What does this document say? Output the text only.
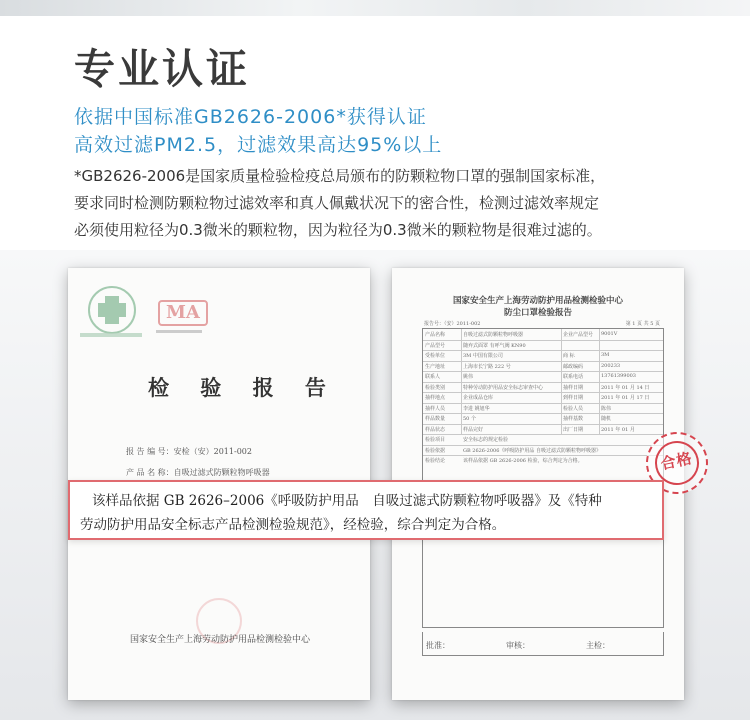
专业认证
依据中国标准GB2626-2006*获得认证
高效过滤PM2.5，过滤效果高达95%以上
*GB2626-2006是国家质量检验检疫总局颁布的防颗粒物口罩的强制国家标准，
要求同时检测防颗粒物过滤效率和真人佩戴状况下的密合性，检测过滤效率规定
必须使用粒径为0.3微米的颗粒物，因为粒径为0.3微米的颗粒物是很难过滤的。
MA
检 验 报 告
报 告 编 号：安检（安）2011-002
产 品 名 称：自吸过滤式防颗粒物呼吸器
国家安全生产上海劳动防护用品检测检验中心
国家安全生产上海劳动防护用品检测检验中心
防尘口罩检验报告
报告号：（安）2011-002	第 1 页 共 5 页
产品名称	自吸过滤式防颗粒物呼吸器	企业产品型号 9001V
产品型号	随弃式面罩 有呼气阀 KN90
受检单位	3M 中国有限公司	商 标	3M
生产地址	上海市长宁路 222 号	邮政编码	200233
联系人	姚伟	联系电话	13761399003
检验类别	特种劳动防护用品安全标志审查中心	抽样日期	2011 年 01 月 14 日
抽样地点	企业成品仓库	到样日期	2011 年 01 月 17 日
抽样人员	李进 姚旭华	检验人员	陈伟
样品数量	50 个	抽样基数	随机
样品状态	样品完好	出厂日期	2011 年 01 月
检验项目	安全标志的规定检验
检验依据	GB 2626-2006《呼吸防护用品 自吸过滤式防颗粒物呼吸器》
检验结论	该样品依据 GB 2626-2006 检验，综合判定为合格。
批准：	审核：	主检：
合格
该样品依据 GB 2626–2006《呼吸防护用品　自吸过滤式防颗粒物呼吸器》及《特种
劳动防护用品安全标志产品检测检验规范》，经检验，综合判定为合格。
